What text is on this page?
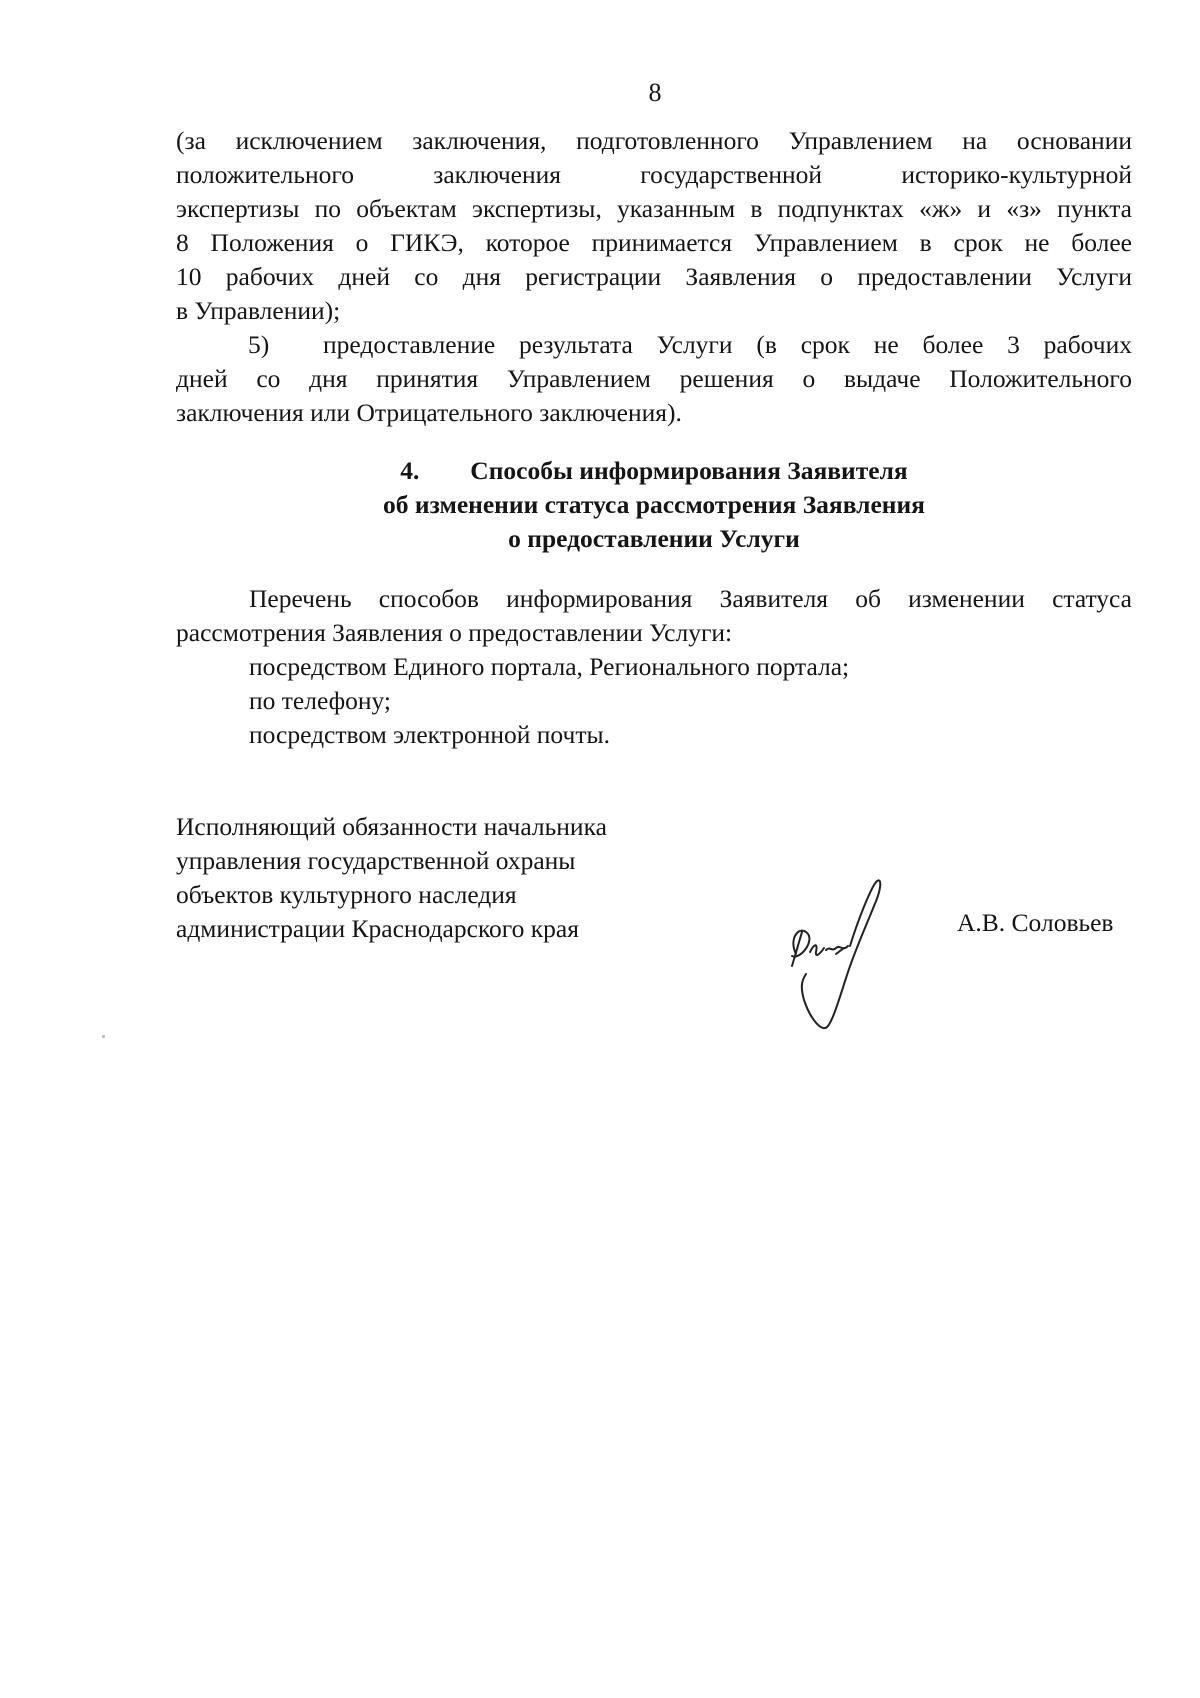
8

(за исключением заключения, подготовленного Управлением на основании

положительного заключения государственной историко-культурной

экспертизы по объектам экспертизы, указанным в подпунктах «ж» и «з» пункта

8 Положения о ГИКЭ, которое принимается Управлением в срок не более

10 рабочих дней со дня регистрации Заявления о предоставлении Услуги

в Управлении);

5)	предоставление результата Услуги (в срок не более 3 рабочих

дней со дня принятия Управлением решения о выдаче Положительного

заключения или Отрицательного заключения).

4. Способы информирования Заявителя
об изменении статуса рассмотрения Заявления
о предоставлении Услуги

Перечень способов информирования Заявителя об изменении статуса

рассмотрения Заявления о предоставлении Услуги:

посредством Единого портала, Регионального портала;

по телефону;

посредством электронной почты.

Исполняющий обязанности начальника

управления государственной охраны

объектов культурного наследия

администрации Краснодарского края	А.В. Соловьев
